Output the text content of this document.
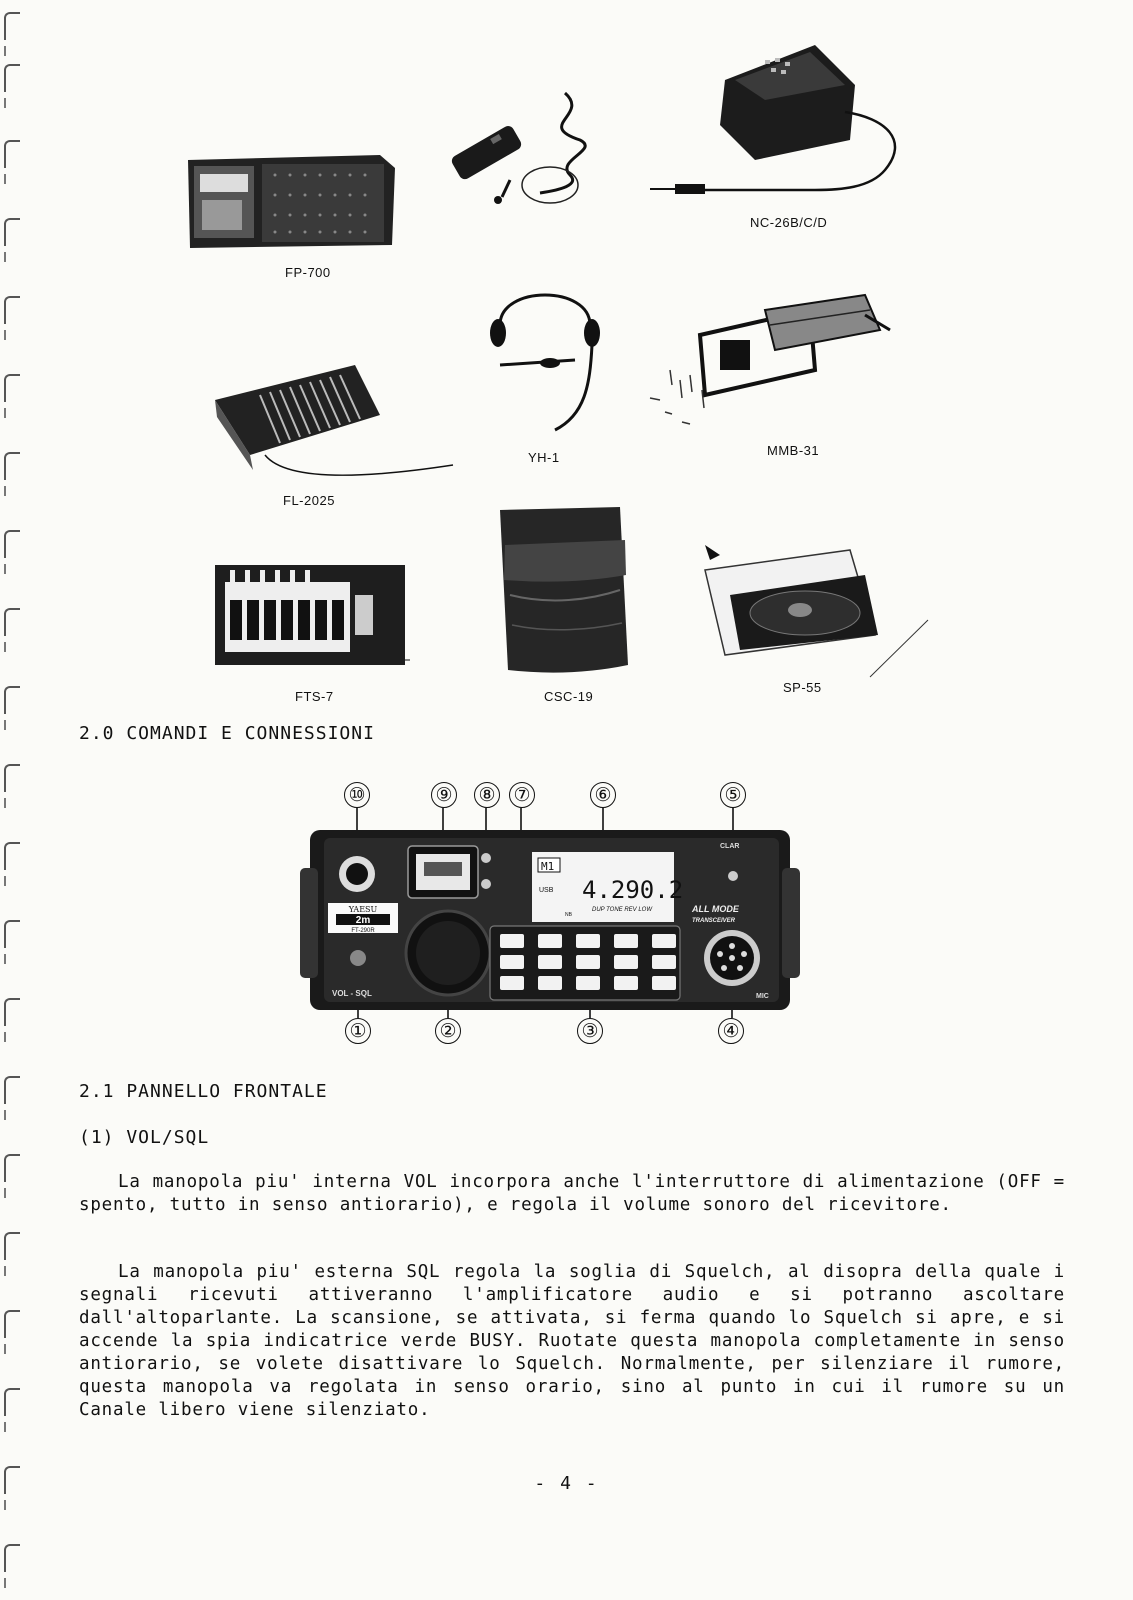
FP-700
NC-26B/C/D
YH-1	MMB-31
FL-2025
FTS-7	CSC-19
SP-55
2.0 COMANDI E CONNESSIONI
⑩	⑨ ⑧ ⑦	⑥	⑤
YAESU
2m
FT-290R
VOL - SQL
M1
USB 4.290.2
DUP TONE REV LOW
NB
CLAR
ALL MODE
TRANSCEIVER
MIC
①	②	③	④
2.1 PANNELLO FRONTALE
(1) VOL/SQL

La manopola piu' interna VOL incorpora anche l'interruttore di alimentazione (OFF = spento, tutto in senso antiorario), e regola il volume sonoro del ricevitore.

La manopola piu' esterna SQL regola la soglia di Squelch, al disopra della quale i segnali ricevuti attiveranno l'amplificatore audio e si potranno ascoltare dall'altoparlante. La scansione, se attivata, si ferma quando lo Squelch si apre, e si accende la spia indicatrice verde BUSY. Ruotate questa manopola completamente in senso antiorario, se volete disattivare lo Squelch. Normalmente, per silenziare il rumore, questa manopola va regolata in senso orario, sino al punto in cui il rumore su un Canale libero viene silenziato.

- 4 -
